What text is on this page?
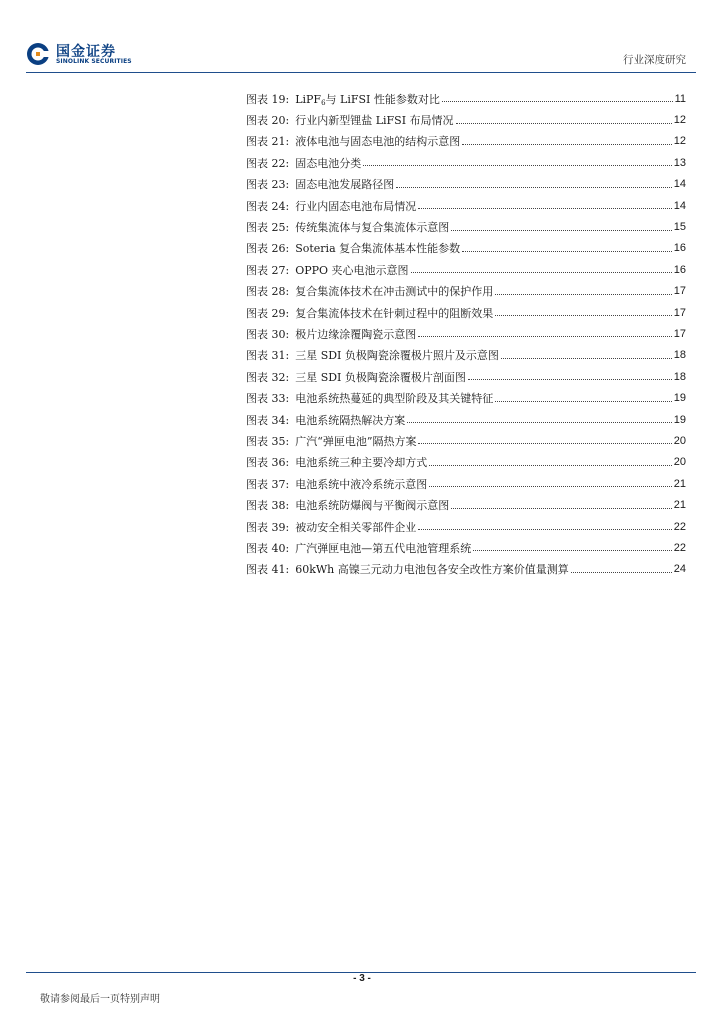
国金证券
SINOLINK SECURITIES	行业深度研究
图表 19: LiPF$_6$与 LiFSI 性能参数对比	11
图表 20: 行业内新型锂盐 LiFSI 布局情况	12
图表 21: 液体电池与固态电池的结构示意图	12
图表 22: 固态电池分类	13
图表 23: 固态电池发展路径图	14
图表 24: 行业内固态电池布局情况	14
图表 25: 传统集流体与复合集流体示意图	15
图表 26: Soteria 复合集流体基本性能参数	16
图表 27: OPPO 夹心电池示意图	16
图表 28: 复合集流体技术在冲击测试中的保护作用	17
图表 29: 复合集流体技术在针刺过程中的阻断效果	17
图表 30: 极片边缘涂覆陶瓷示意图	17
图表 31: 三星 SDI 负极陶瓷涂覆极片照片及示意图	18
图表 32: 三星 SDI 负极陶瓷涂覆极片剖面图	18
图表 33: 电池系统热蔓延的典型阶段及其关键特征	19
图表 34: 电池系统隔热解决方案	19
图表 35: 广汽“弹匣电池”隔热方案	20
图表 36: 电池系统三种主要冷却方式	20
图表 37: 电池系统中液冷系统示意图	21
图表 38: 电池系统防爆阀与平衡阀示意图	21
图表 39: 被动安全相关零部件企业	22
图表 40: 广汽弹匣电池—第五代电池管理系统	22
图表 41: 60kWh 高镍三元动力电池包各安全改性方案价值量测算	24
- 3 -
敬请参阅最后一页特别声明
